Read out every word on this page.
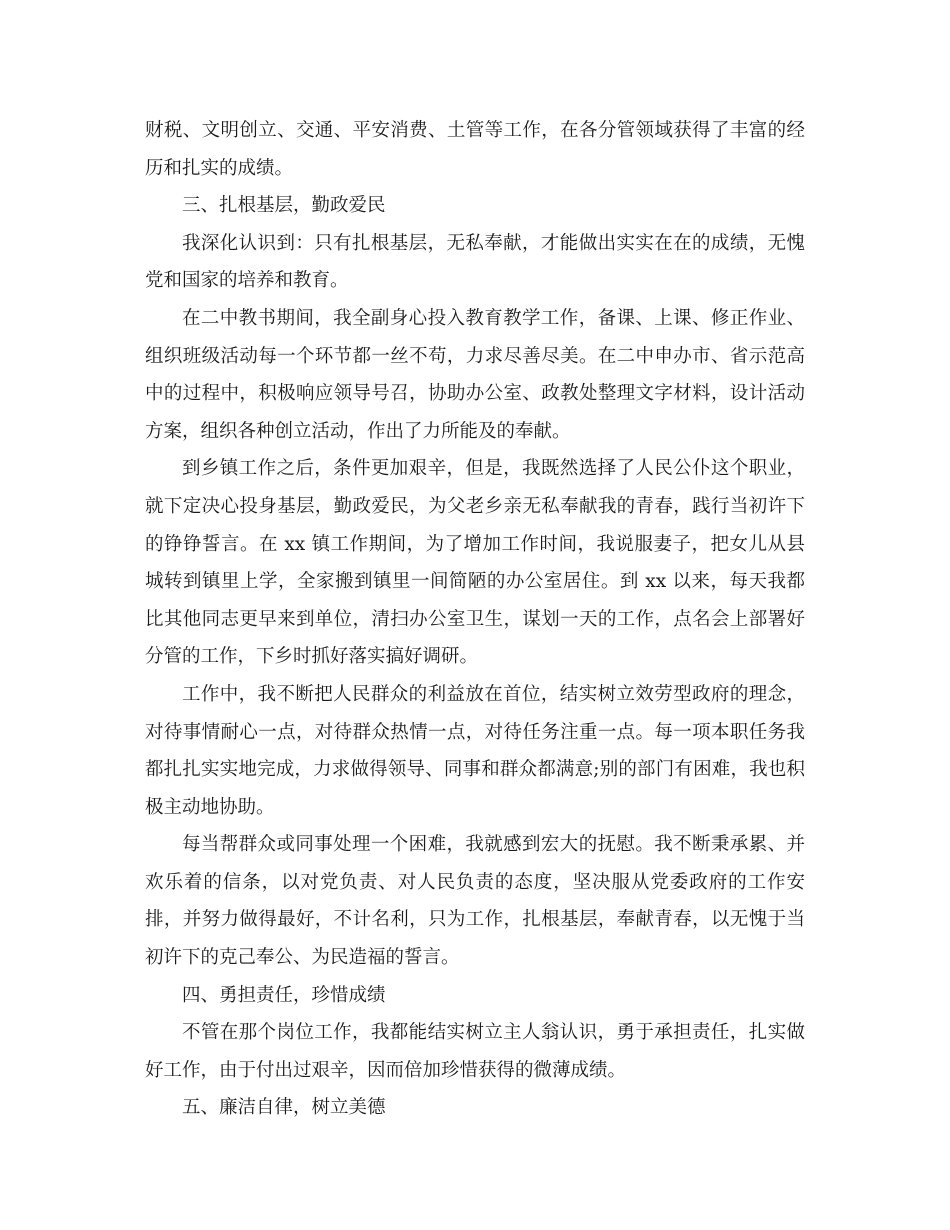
财税、文明创立、交通、平安消费、土管等工作，在各分管领域获得了丰富的经历和扎实的成绩。

三、扎根基层，勤政爱民

我深化认识到：只有扎根基层，无私奉献，才能做出实实在在的成绩，无愧党和国家的培养和教育。

在二中教书期间，我全副身心投入教育教学工作，备课、上课、修正作业、组织班级活动每一个环节都一丝不苟，力求尽善尽美。在二中申办市、省示范高中的过程中，积极响应领导号召，协助办公室、政教处整理文字材料，设计活动方案，组织各种创立活动，作出了力所能及的奉献。

到乡镇工作之后，条件更加艰辛，但是，我既然选择了人民公仆这个职业，就下定决心投身基层，勤政爱民，为父老乡亲无私奉献我的青春，践行当初许下的铮铮誓言。在 xx 镇工作期间，为了增加工作时间，我说服妻子，把女儿从县城转到镇里上学，全家搬到镇里一间简陋的办公室居住。到 xx 以来，每天我都比其他同志更早来到单位，清扫办公室卫生，谋划一天的工作，点名会上部署好分管的工作，下乡时抓好落实搞好调研。

工作中，我不断把人民群众的利益放在首位，结实树立效劳型政府的理念，对待事情耐心一点，对待群众热情一点，对待任务注重一点。每一项本职任务我都扎扎实实地完成，力求做得领导、同事和群众都满意;别的部门有困难，我也积极主动地协助。

每当帮群众或同事处理一个困难，我就感到宏大的抚慰。我不断秉承累、并欢乐着的信条，以对党负责、对人民负责的态度，坚决服从党委政府的工作安排，并努力做得最好，不计名利，只为工作，扎根基层，奉献青春，以无愧于当初许下的克己奉公、为民造福的誓言。

四、勇担责任，珍惜成绩

不管在那个岗位工作，我都能结实树立主人翁认识，勇于承担责任，扎实做好工作，由于付出过艰辛，因而倍加珍惜获得的微薄成绩。

五、廉洁自律，树立美德
